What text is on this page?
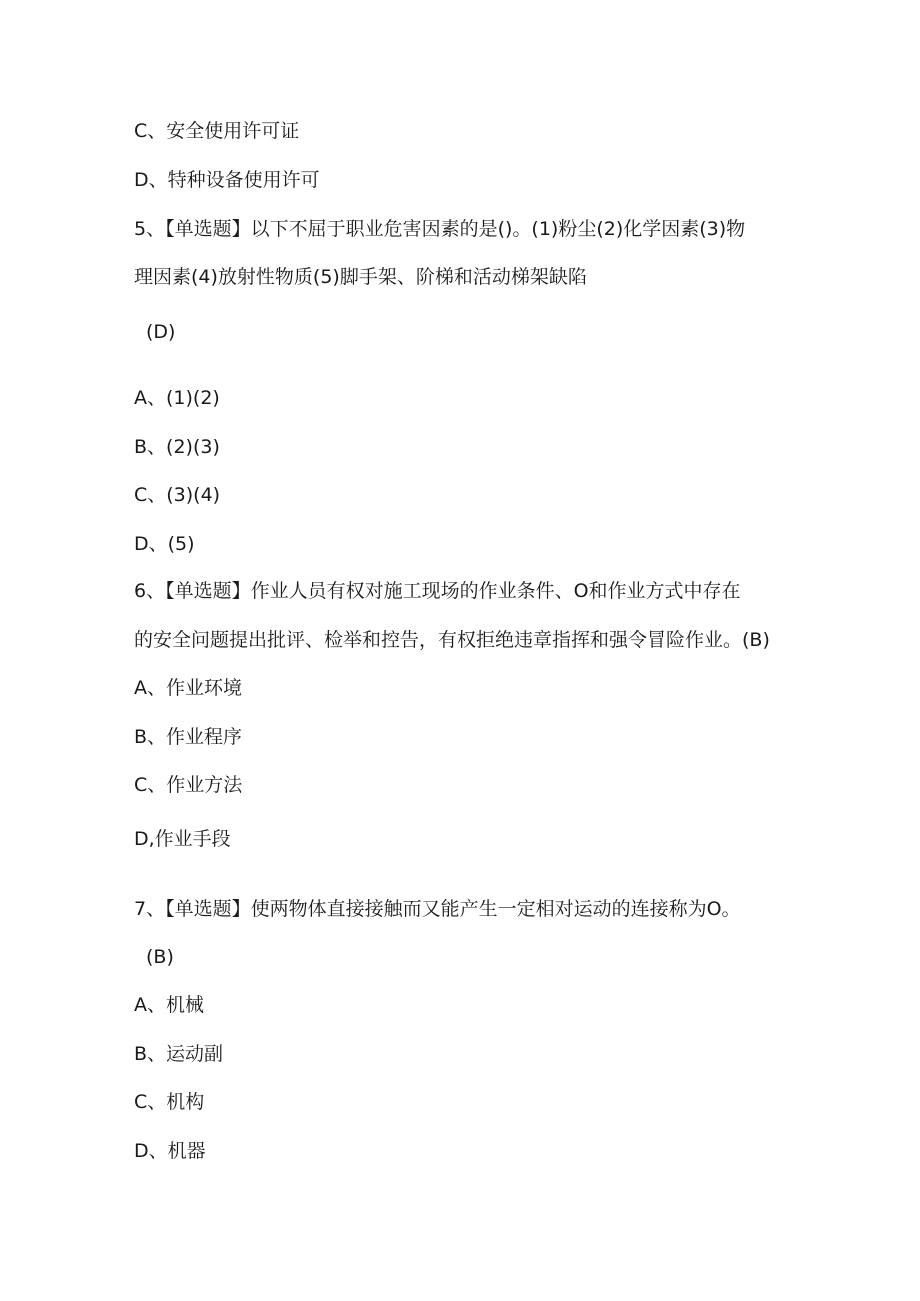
C、安全使用许可证
D、特种设备使用许可
5、【单选题】以下不屈于职业危害因素的是()。(1)粉尘(2)化学因素(3)物
理因素(4)放射性物质(5)脚手架、阶梯和活动梯架缺陷
(D)
A、(1)(2)
B、(2)(3)
C、(3)(4)
D、(5)
6、【单选题】作业人员有权对施工现场的作业条件、O和作业方式中存在
的安全问题提出批评、检举和控告，有权拒绝违章指挥和强令冒险作业。(B)
A、作业环境
B、作业程序
C、作业方法
D,作业手段
7、【单选题】使两物体直接接触而又能产生一定相对运动的连接称为O。
(B)
A、机械
B、运动副
C、机构
D、机器
